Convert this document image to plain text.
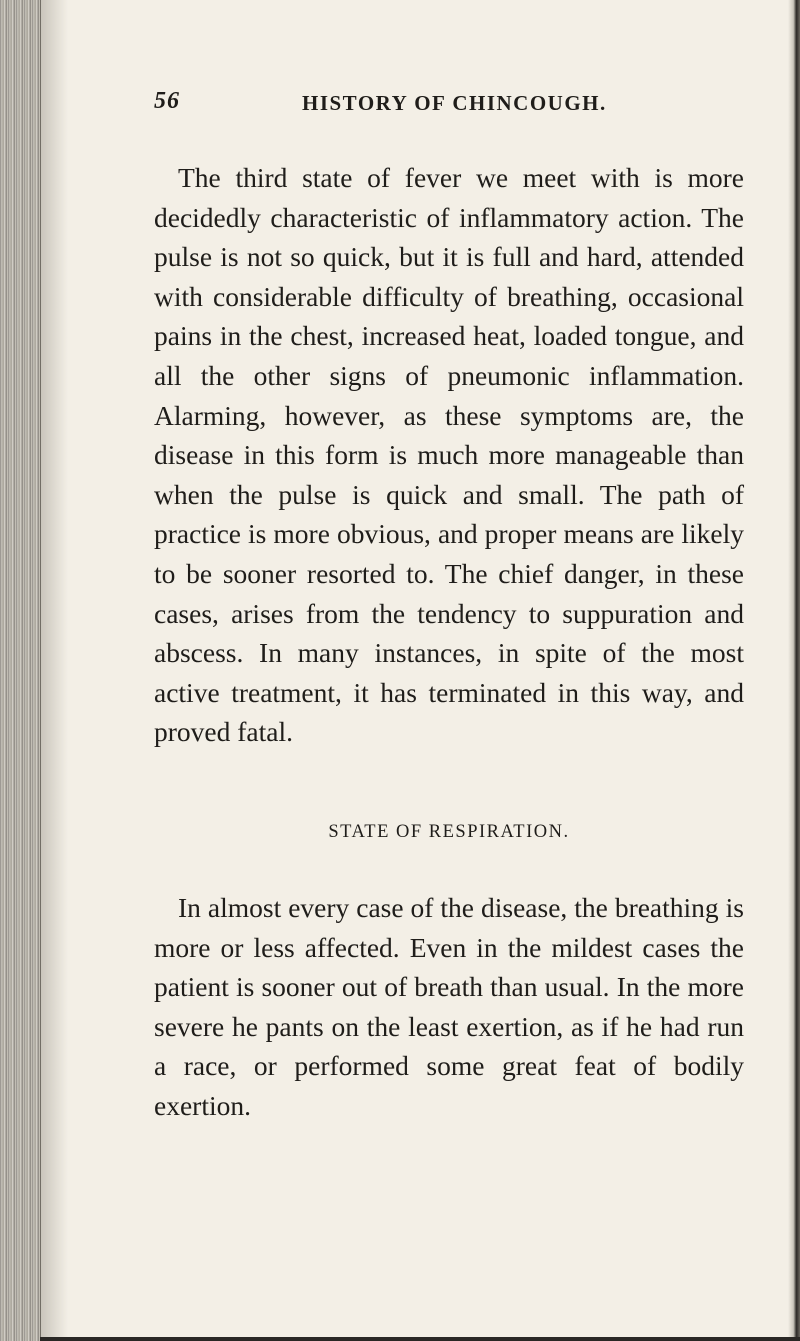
56	HISTORY OF CHINCOUGH.

The third state of fever we meet with is more decidedly characteristic of inflammatory action. The pulse is not so quick, but it is full and hard, attended with considerable difficulty of breathing, occasional pains in the chest, increased heat, loaded tongue, and all the other signs of pneumonic inflammation. Alarming, however, as these symptoms are, the disease in this form is much more manageable than when the pulse is quick and small. The path of practice is more obvious, and proper means are likely to be sooner resorted to. The chief danger, in these cases, arises from the tendency to suppuration and abscess. In many instances, in spite of the most active treatment, it has terminated in this way, and proved fatal.

STATE OF RESPIRATION.

In almost every case of the disease, the breathing is more or less affected. Even in the mildest cases the patient is sooner out of breath than usual. In the more severe he pants on the least exertion, as if he had run a race, or performed some great feat of bodily exertion.
